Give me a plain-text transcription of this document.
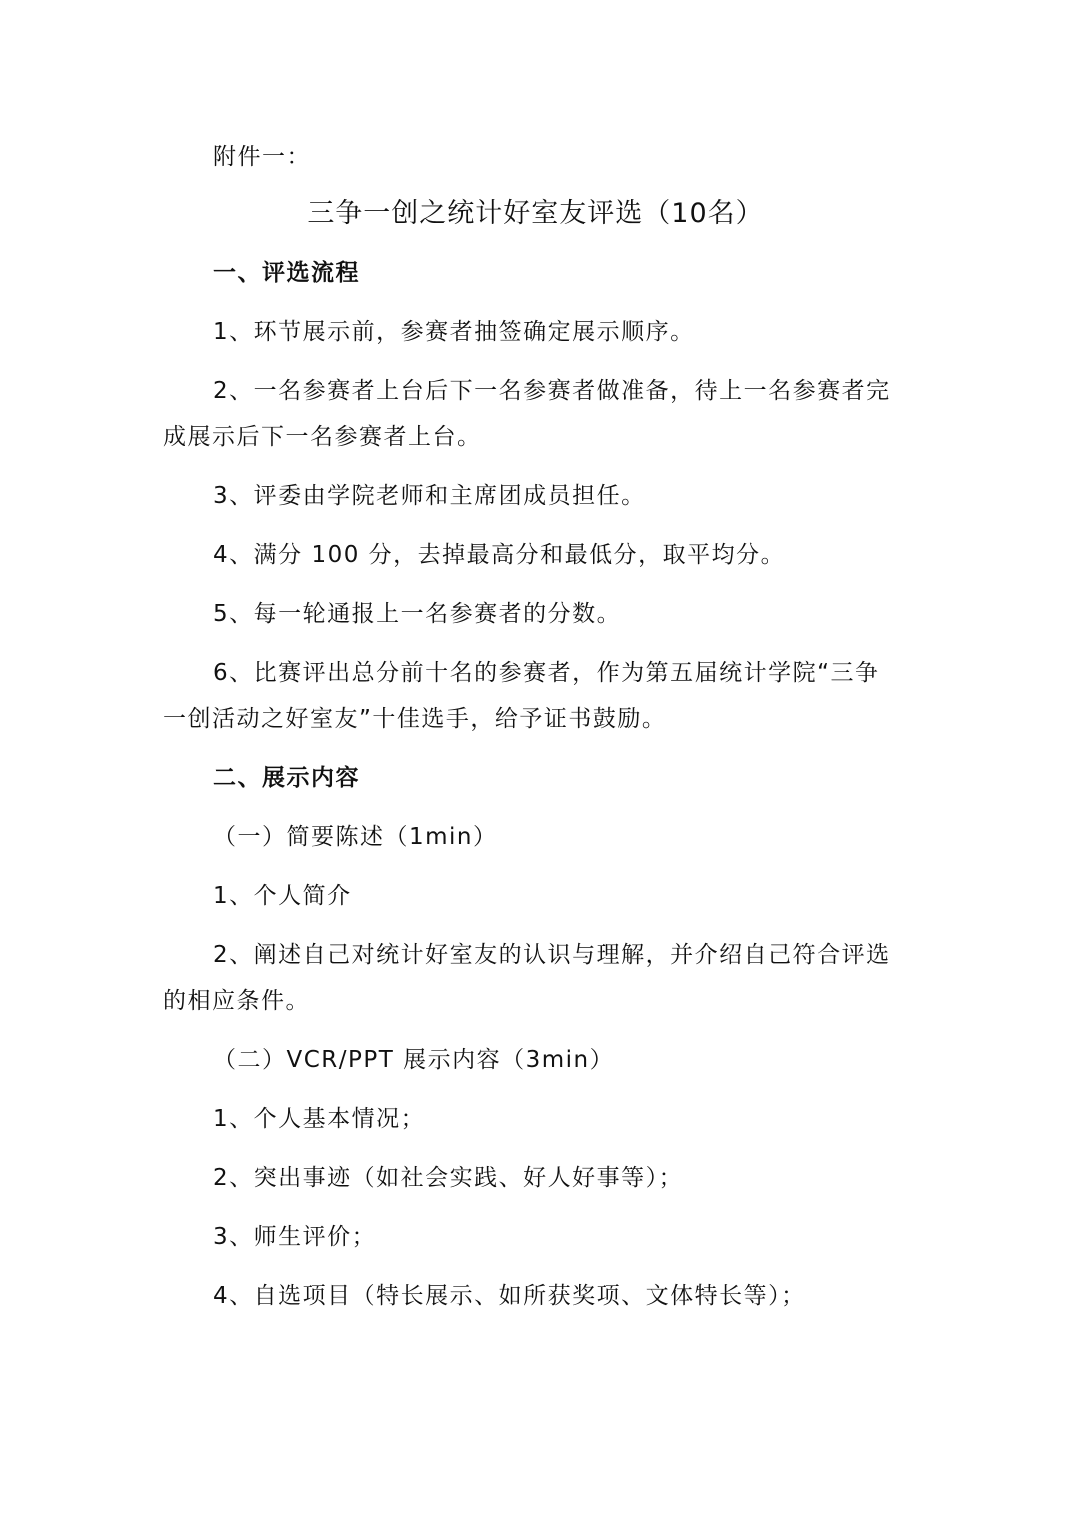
附件一：
三争一创之统计好室友评选（10名）
一、评选流程
1、环节展示前，参赛者抽签确定展示顺序。
2、一名参赛者上台后下一名参赛者做准备，待上一名参赛者完
成展示后下一名参赛者上台。
3、评委由学院老师和主席团成员担任。
4、满分 100 分，去掉最高分和最低分，取平均分。
5、每一轮通报上一名参赛者的分数。
6、比赛评出总分前十名的参赛者，作为第五届统计学院“三争
一创活动之好室友”十佳选手，给予证书鼓励。
二、展示内容
（一）简要陈述（1min）
1、个人简介
2、阐述自己对统计好室友的认识与理解，并介绍自己符合评选
的相应条件。
（二）VCR/PPT 展示内容（3min）
1、个人基本情况；
2、突出事迹（如社会实践、好人好事等）；
3、师生评价；
4、自选项目（特长展示、如所获奖项、文体特长等）；
